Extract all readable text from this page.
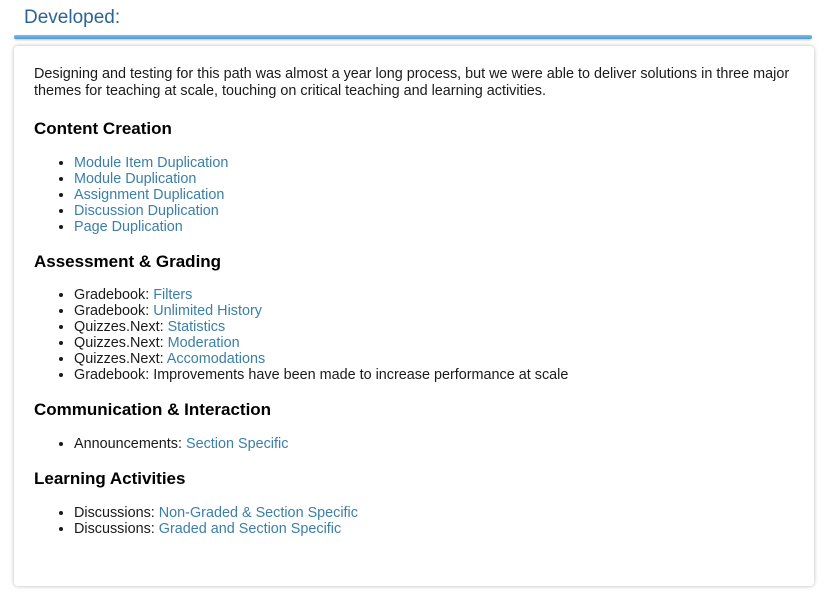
Developed:

Designing and testing for this path was almost a year long process, but we were able to deliver solutions in three major themes for teaching at scale, touching on critical teaching and learning activities.

Content Creation
• Module Item Duplication
• Module Duplication
• Assignment Duplication
• Discussion Duplication
• Page Duplication
Assessment & Grading
• Gradebook: Filters
• Gradebook: Unlimited History
• Quizzes.Next: Statistics
• Quizzes.Next: Moderation
• Quizzes.Next: Accomodations
• Gradebook: Improvements have been made to increase performance at scale
Communication & Interaction
• Announcements: Section Specific
Learning Activities
• Discussions: Non-Graded & Section Specific
• Discussions: Graded and Section Specific
